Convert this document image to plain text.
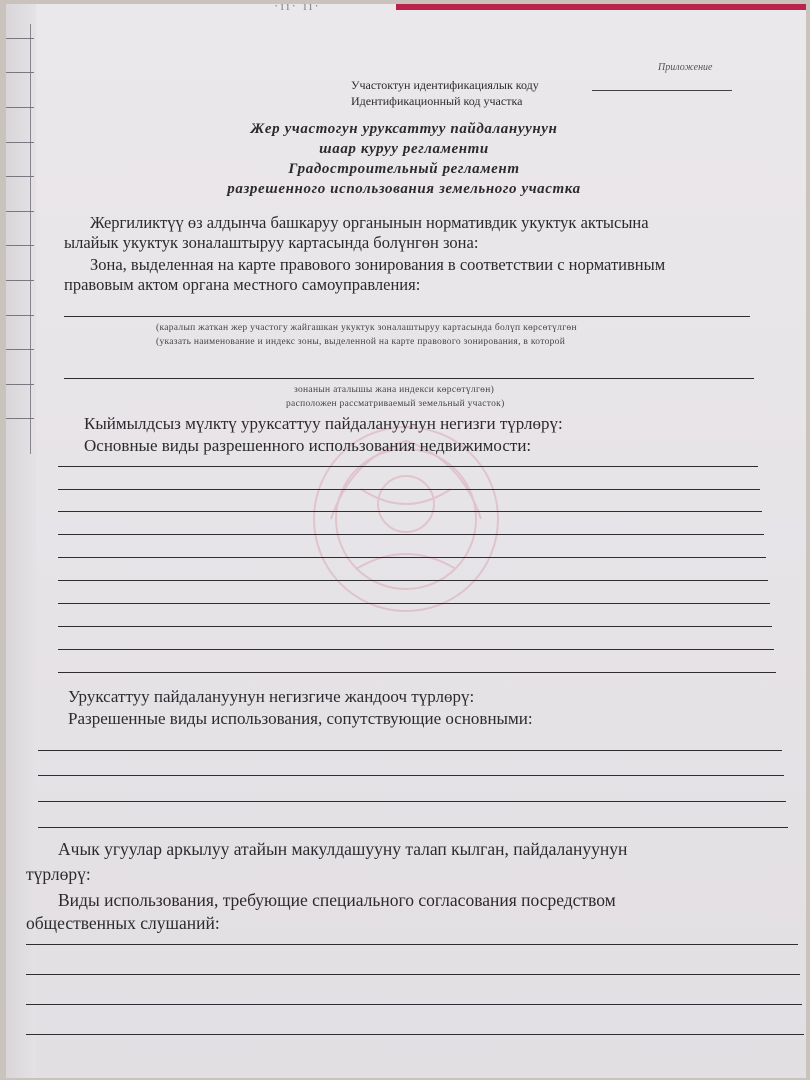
·ıı· ıı·
Приложение
Участоктун идентификациялык коду
Идентификационный код участка
Жер участогун уруксаттуу пайдалануунун
шаар куруу регламенти
Градостроительный регламент
разрешенного использования земельного участка
Жергиликтүү өз алдынча башкаруу органынын нормативдик укуктук актысына
ылайык укуктук зоналаштыруу картасында болүнгөн зона:
Зона, выделенная на карте правового зонирования в соответствии с нормативным
правовым актом органа местного самоуправления:
(каралып жаткан жер участогу жайгашкан укуктук зоналаштыруу картасында болүп көрсөтүлгөн
(указать наименование и индекс зоны, выделенной на карте правового зонирования, в которой
зонанын аталышы жана индекси көрсөтүлгөн)
расположен рассматриваемый земельный участок)
Кыймылдсыз мүлктү уруксаттуу пайдалануунун негизги түрлөрү:
Основные виды разрешенного использования недвижимости:
Уруксаттуу пайдалануунун негизгиче жандооч түрлөрү:
Разрешенные виды использования, сопутствующие основными:
Ачык угуулар аркылуу атайын макулдашууну талап кылган, пайдалануунун
түрлөрү:
Виды использования, требующие специального согласования посредством
общественных слушаний:
